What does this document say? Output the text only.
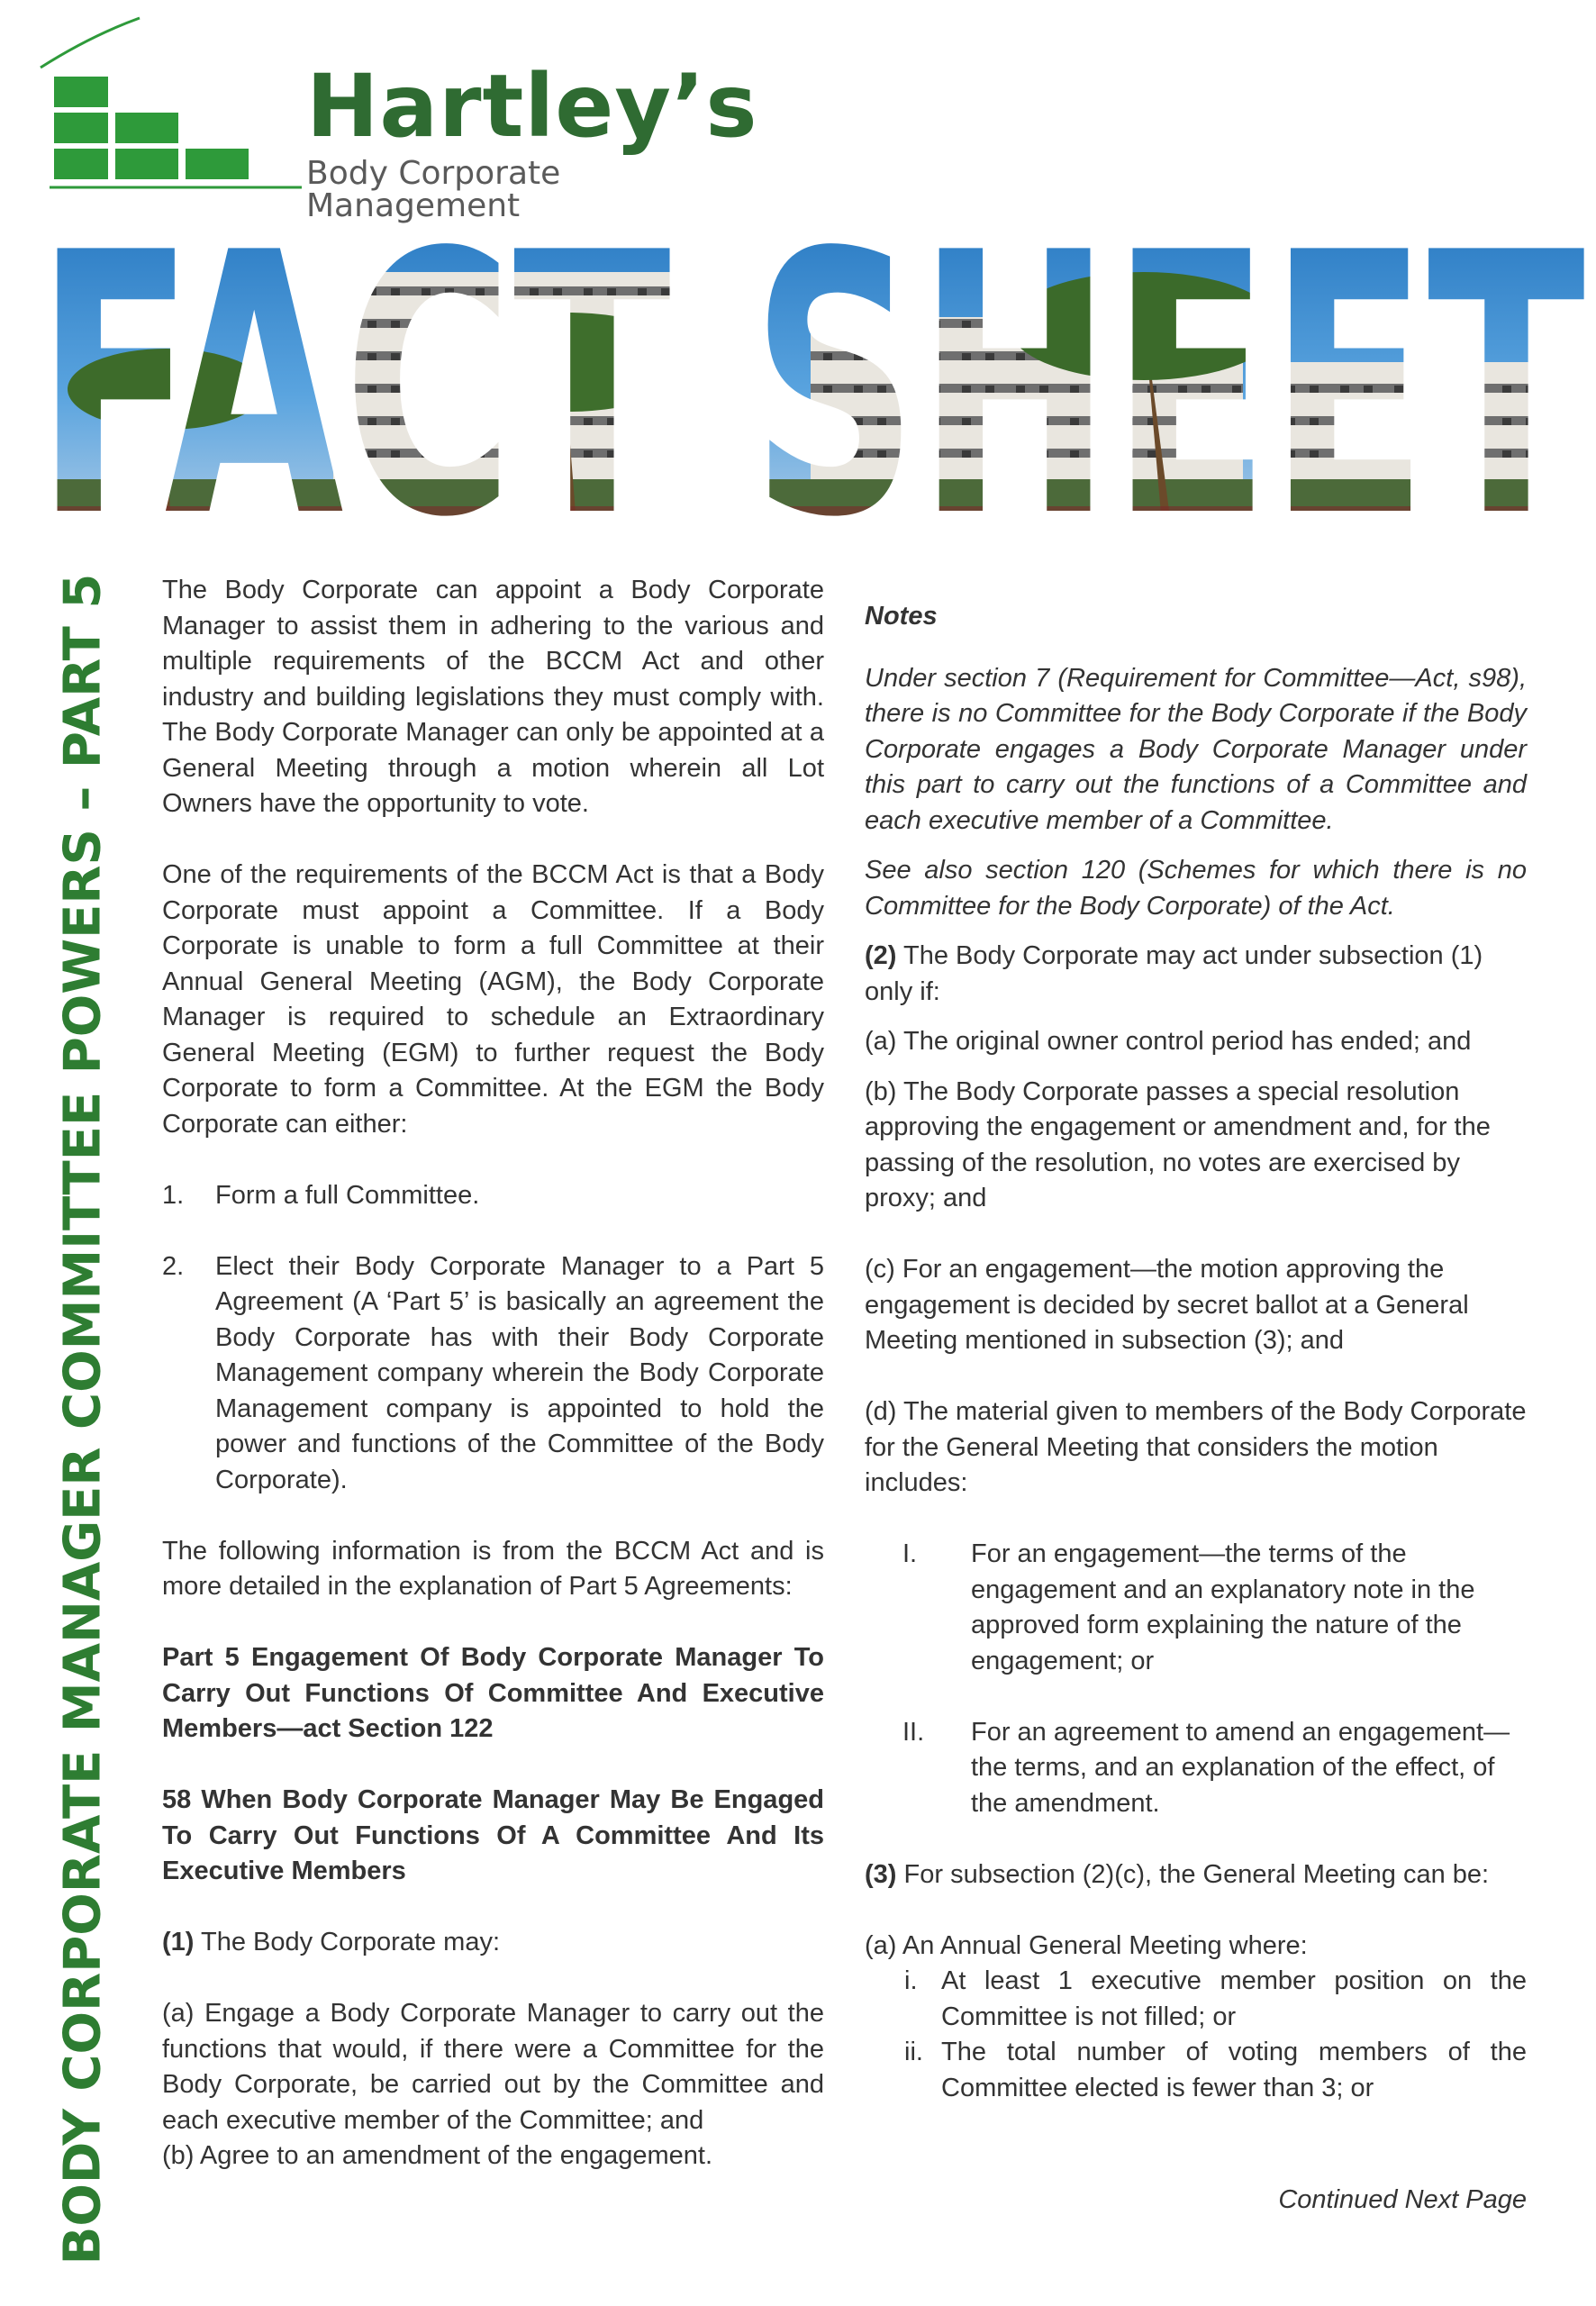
Hartley’s
Body Corporate Management
BODY CORPORATE MANAGER COMMITTEE POWERS – PART 5 The Body Corporate can appoint a Body Corporate Manager to assist them in adhering to the various and multiple requirements of the BCCM Act and other industry and building legislations they must comply with. The Body Corporate Manager can only be appointed at a General Meeting through a motion wherein all Lot Owners have the opportunity to vote.

One of the requirements of the BCCM Act is that a Body Corporate must appoint a Committee. If a Body Corporate is unable to form a full Committee at their Annual General Meeting (AGM), the Body Corporate Manager is required to schedule an Extraordinary General Meeting (EGM) to further request the Body Corporate to form a Committee. At the EGM the Body Corporate can either:

1.	Form a full Committee.
2.	Elect their Body Corporate Manager to a Part 5 Agreement (A ‘Part 5’ is basically an agreement the Body Corporate has with their Body Corporate Management company wherein the Body Corporate Management company is appointed to hold the power and functions of the Committee of the Body Corporate).

The following information is from the BCCM Act and is more detailed in the explanation of Part 5 Agreements:

Part 5 Engagement Of Body Corporate Manager To Carry Out Functions Of Committee And Executive Members—act Section 122

58 When Body Corporate Manager May Be Engaged To Carry Out Functions Of A Committee And Its Executive Members

(1) The Body Corporate may:

(a) Engage a Body Corporate Manager to carry out the functions that would, if there were a Committee for the Body Corporate, be carried out by the Committee and each executive member of the Committee; and

(b) Agree to an amendment of the engagement.

Notes

Under section 7 (Requirement for Committee—Act, s98), there is no Committee for the Body Corporate if the Body Corporate engages a Body Corporate Manager under this part to carry out the functions of a Committee and each executive member of a Committee.

See also section 120 (Schemes for which there is no Committee for the Body Corporate) of the Act.

(2) The Body Corporate may act under subsection (1) only if:

(a) The original owner control period has ended; and

(b) The Body Corporate passes a special resolution approving the engagement or amendment and, for the passing of the resolution, no votes are exercised by proxy; and

(c) For an engagement—the motion approving the engagement is decided by secret ballot at a General Meeting mentioned in subsection (3); and

(d) The material given to members of the Body Corporate for the General Meeting that considers the motion includes:

I.	For an engagement—the terms of the engagement and an explanatory note in the approved form explaining the nature of the engagement; or
II.	For an agreement to amend an engagement—the terms, and an explanation of the effect, of the amendment.

(3) For subsection (2)(c), the General Meeting can be:

(a) An Annual General Meeting where:

i. At least 1 executive member position on the Committee is not filled; or
ii. The total number of voting members of the Committee elected is fewer than 3; or
Continued Next Page
